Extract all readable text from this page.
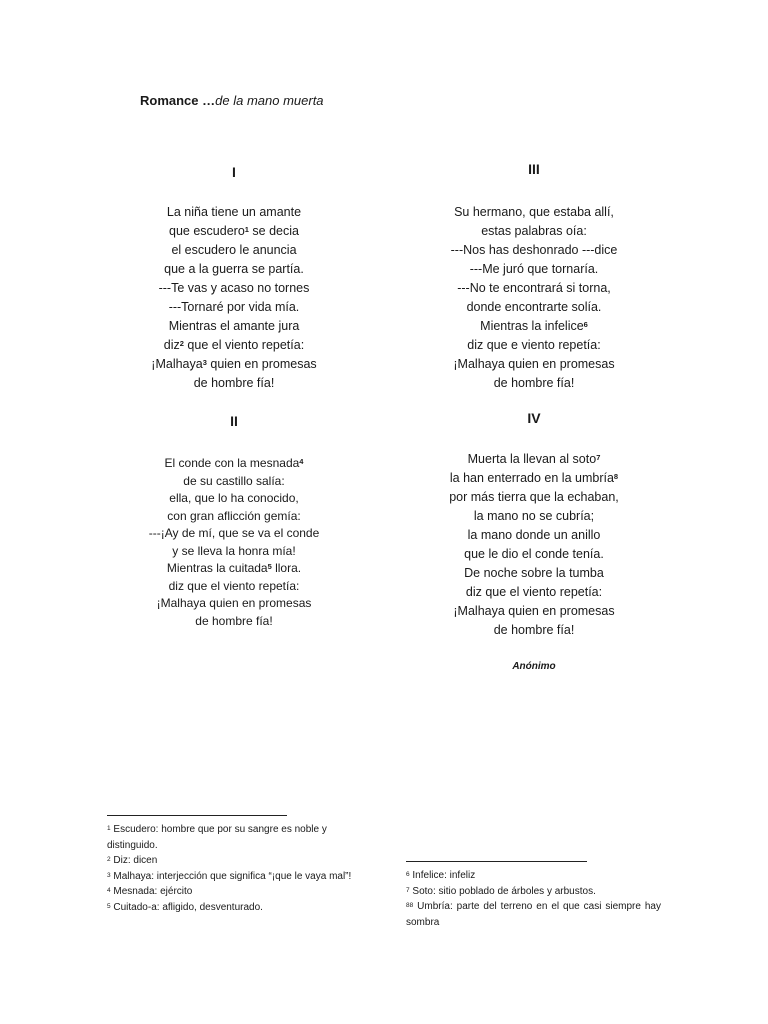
Romance …de la mano muerta
I
La niña tiene un amante
que escudero$^1$ se decia
el escudero le anuncia
que a la guerra se partía.
---Te vas y acaso no tornes
---Tornaré por vida mía.
Mientras el amante jura
diz$^2$ que el viento repetía:
¡Malhaya$^3$ quien en promesas
de hombre fía!
II
El conde con la mesnada$^4$
de su castillo salía:
ella, que lo ha conocido,
con gran aflicción gemía:
---¡Ay de mí, que se va el conde
y se lleva la honra mía!
Mientras la cuitada$^5$ llora.
diz que el viento repetía:
¡Malhaya quien en promesas
de hombre fía!
III
Su hermano, que estaba allí,
estas palabras oía:
---Nos has deshonrado ---dice
---Me juró que tornaría.
---No te encontrará si torna,
donde encontrarte solía.
Mientras la infelice$^6$
diz que e viento repetía:
¡Malhaya quien en promesas
de hombre fía!
IV
Muerta la llevan al soto$^7$
la han enterrado en la umbría$^8$
por más tierra que la echaban,
la mano no se cubría;
la mano donde un anillo
que le dio el conde tenía.
De noche sobre la tumba
diz que el viento repetía:
¡Malhaya quien en promesas
de hombre fía!
Anónimo
$^1$ Escudero: hombre que por su sangre es noble y distinguido.
$^2$ Diz: dicen
$^3$ Malhaya: interjección que significa “¡que le vaya mal”!
$^4$ Mesnada: ejército
$^5$ Cuitado-a: afligido, desventurado.
$^6$ Infelice: infeliz
$^7$ Soto: sitio poblado de árboles y arbustos.
$^{88}$ Umbría: parte del terreno en el que casi siempre hay sombra
